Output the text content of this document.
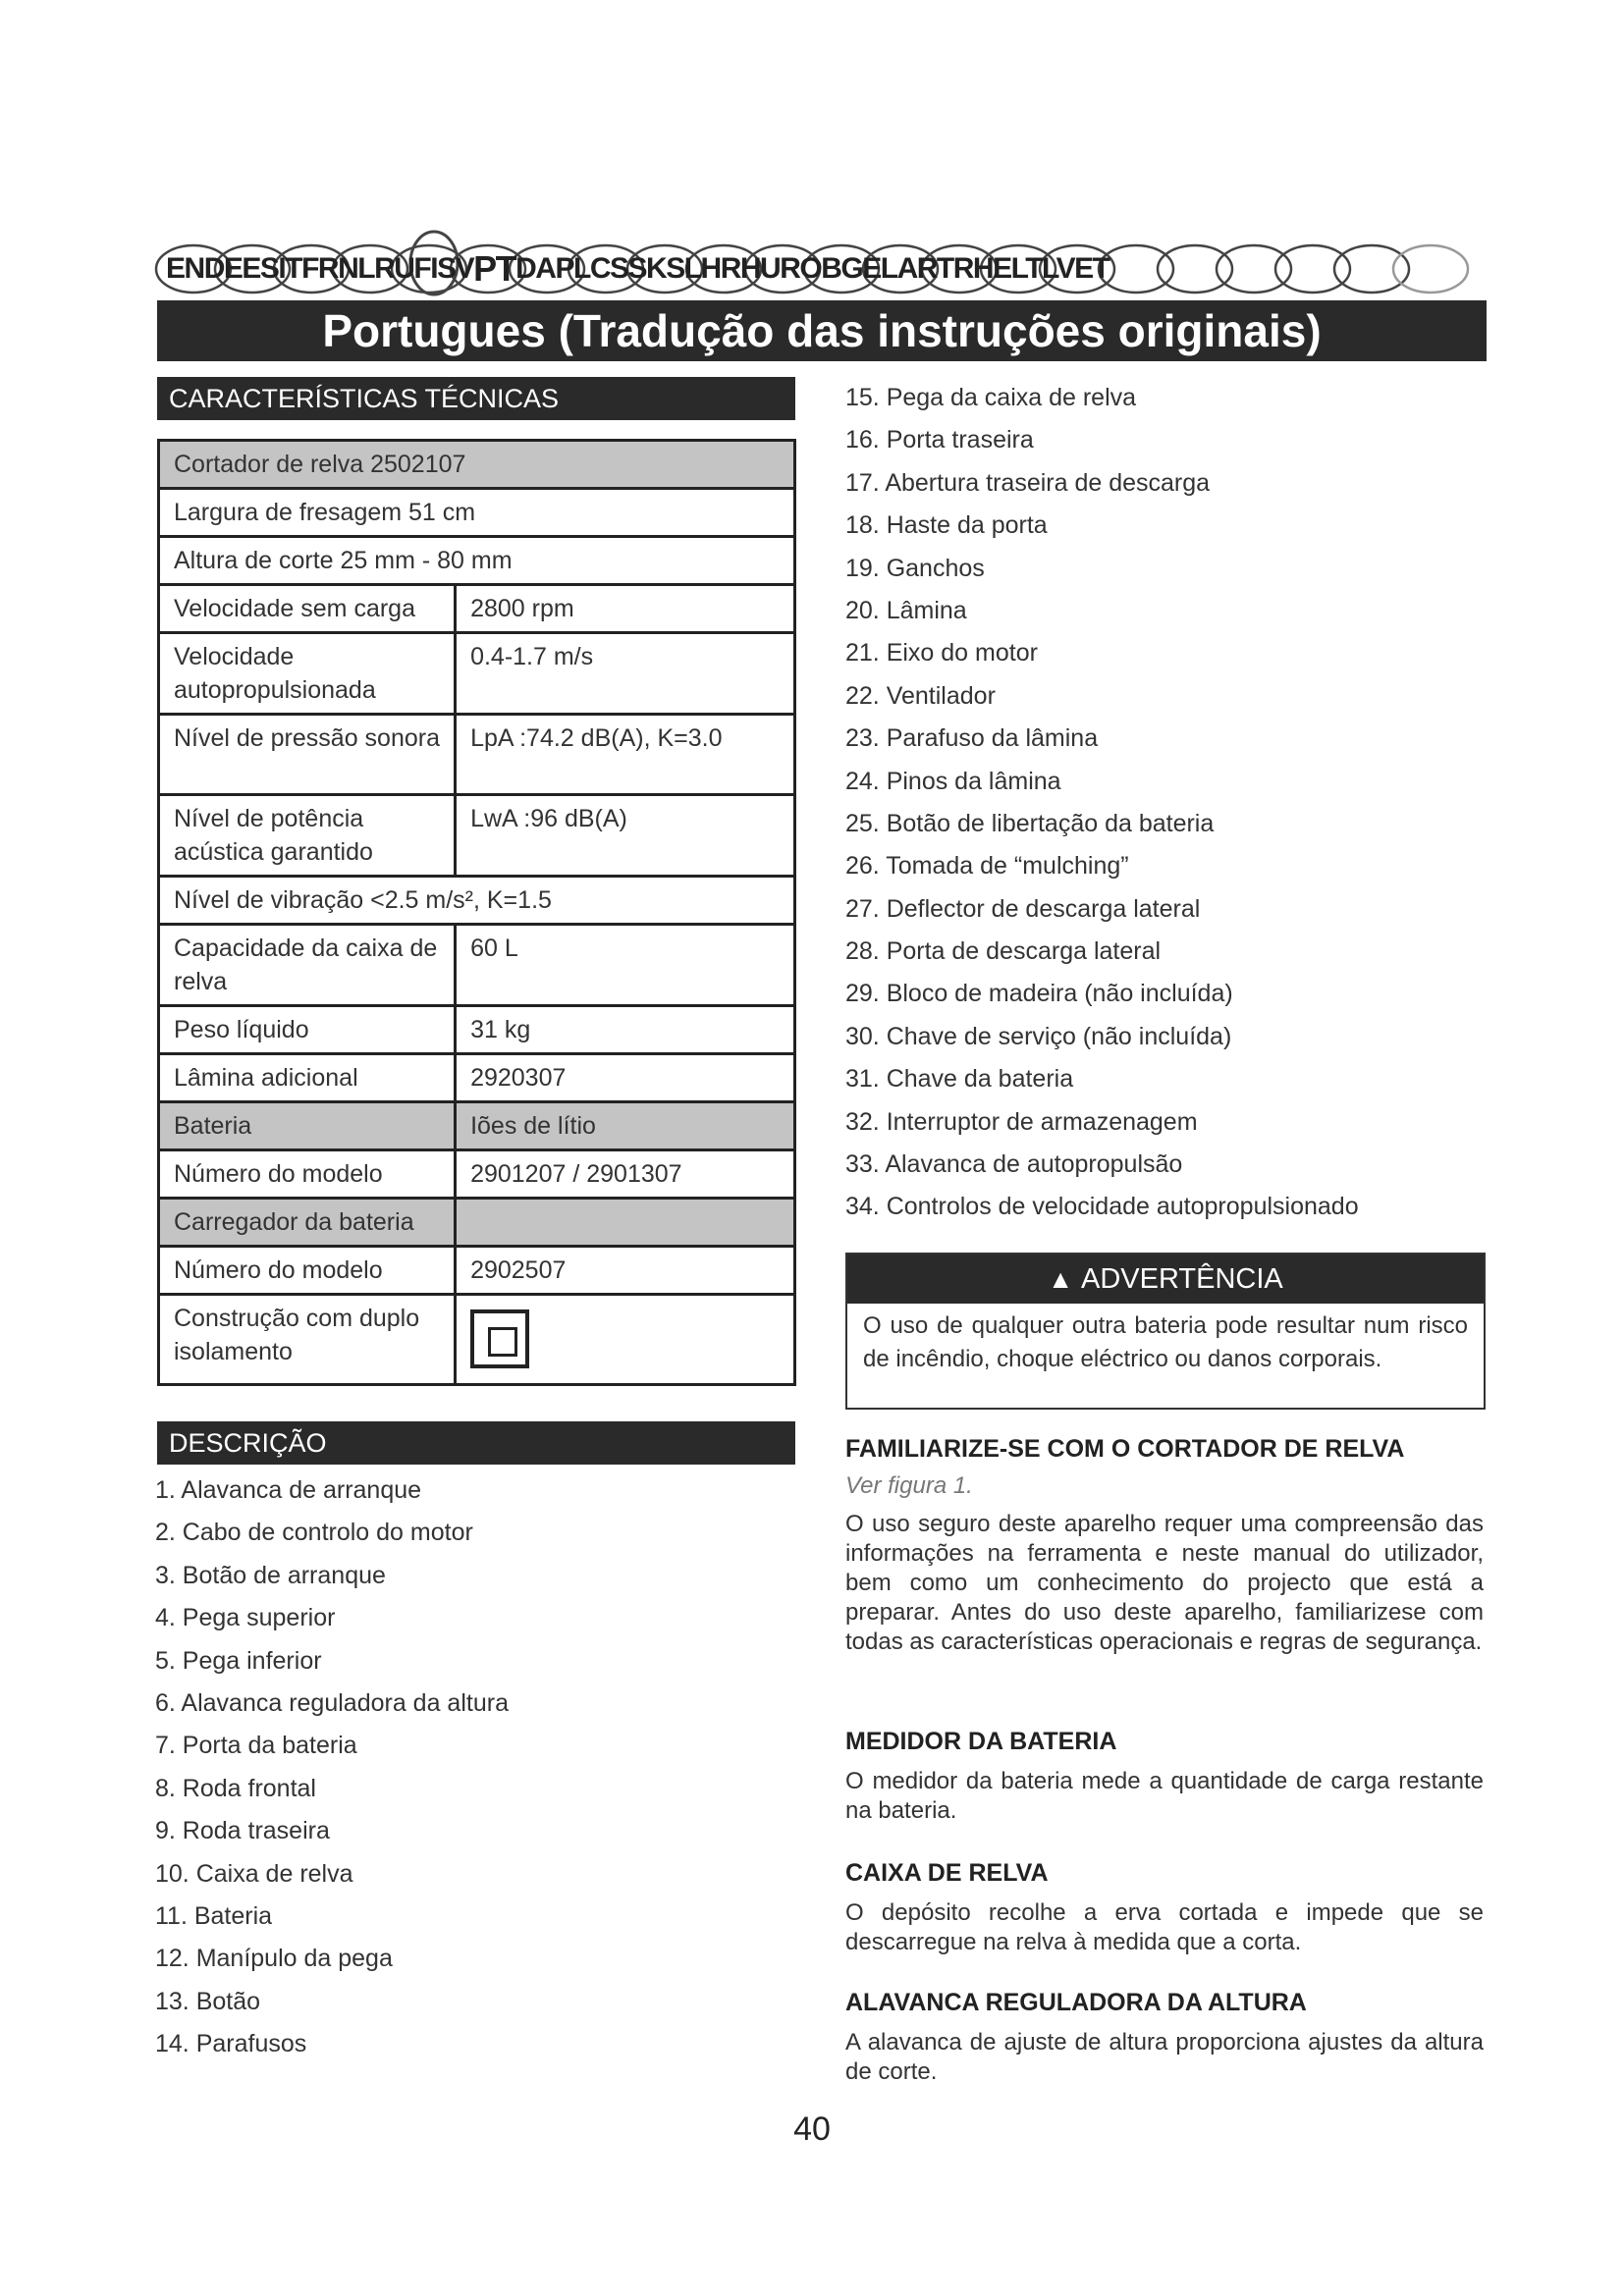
EN DE ES IT FR NL RU FI SV PT DA PL CS SK SL HR HU RO BG EL AR TR HE LT LV ET
Portugues (Tradução das instruções originais)
CARACTERÍSTICAS TÉCNICAS
Cortador de relva 2502107	
Largura de fresagem 51 cm	
Altura de corte 25 mm - 80 mm	
Velocidade sem carga	2800 rpm
Velocidade autopropulsionada	0.4-1.7 m/s
Nível de pressão sonora	LpA :74.2 dB(A), K=3.0
Nível de potência acústica garantido	LwA :96 dB(A)
Nível de vibração <2.5 m/s², K=1.5	
Capacidade da caixa de relva	60 L
Peso líquido	31 kg
Lâmina adicional	2920307
Bateria	Iões de lítio
Número do modelo	2901207 / 2901307
Carregador da bateria	
Número do modelo	2902507
Construção com duplo isolamento	
DESCRIÇÃO
1. Alavanca de arranque
2. Cabo de controlo do motor
3. Botão de arranque
4. Pega superior
5. Pega inferior
6. Alavanca reguladora da altura
7. Porta da bateria
8. Roda frontal
9. Roda traseira
10. Caixa de relva
11. Bateria
12. Manípulo da pega
13. Botão
14. Parafusos
15. Pega da caixa de relva
16. Porta traseira
17. Abertura traseira de descarga
18. Haste da porta
19. Ganchos
20. Lâmina
21. Eixo do motor
22. Ventilador
23. Parafuso da lâmina
24. Pinos da lâmina
25. Botão de libertação da bateria
26. Tomada de “mulching”
27. Deflector de descarga lateral
28. Porta de descarga lateral
29. Bloco de madeira (não incluída)
30. Chave de serviço (não incluída)
31. Chave da bateria
32. Interruptor de armazenagem
33. Alavanca de autopropulsão
34. Controlos de velocidade autopropulsionado
▲ ADVERTÊNCIA
O uso de qualquer outra bateria pode resultar num risco de incêndio, choque eléctrico ou danos corporais.

FAMILIARIZE-SE COM O CORTADOR DE RELVA

Ver figura 1.

O uso seguro deste aparelho requer uma compreensão das informações na ferramenta e neste manual do utilizador, bem como um conhecimento do projecto que está a preparar. Antes do uso deste aparelho, familiarizese com todas as características operacionais e regras de segurança.

MEDIDOR DA BATERIA

O medidor da bateria mede a quantidade de carga restante na bateria.

CAIXA DE RELVA

O depósito recolhe a erva cortada e impede que se descarregue na relva à medida que a corta.

ALAVANCA REGULADORA DA ALTURA

A alavanca de ajuste de altura proporciona ajustes da altura de corte.

40
